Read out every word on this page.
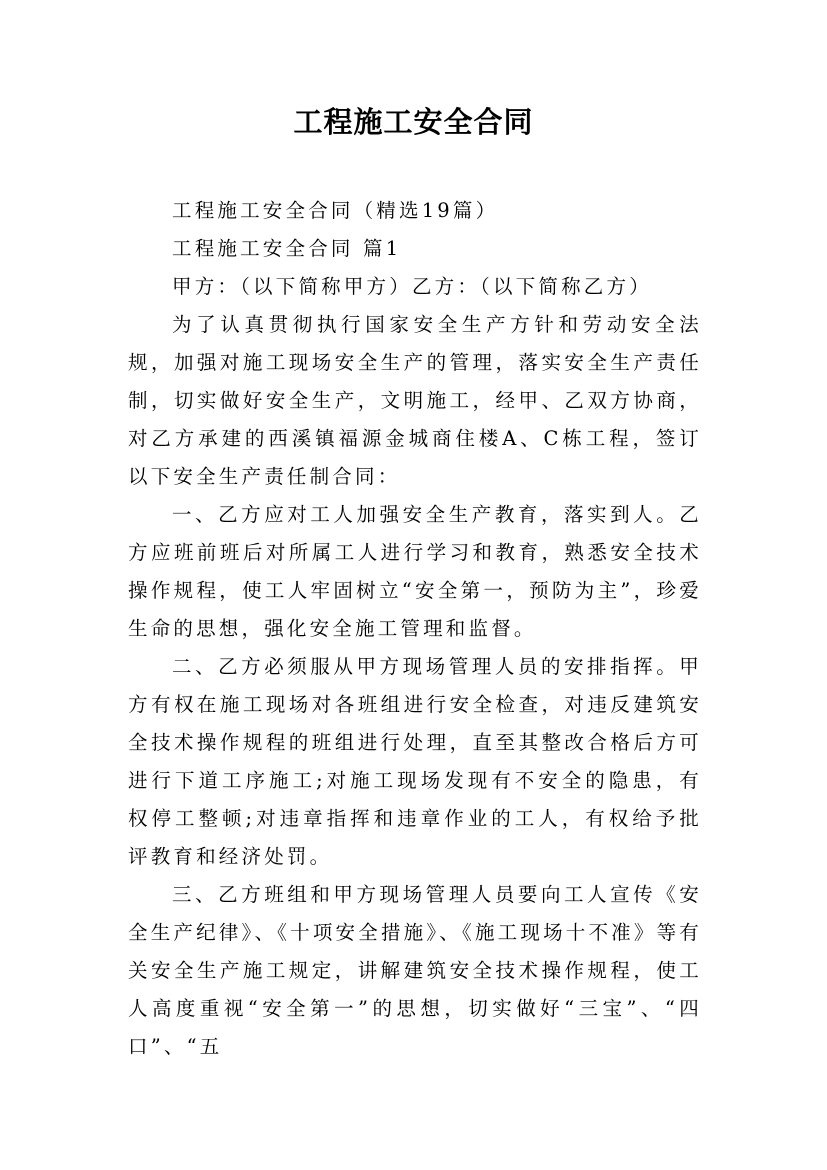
工程施工安全合同

工程施工安全合同（精选19篇）

工程施工安全合同 篇1

甲方：（以下简称甲方）乙方：（以下简称乙方）

为了认真贯彻执行国家安全生产方针和劳动安全法规，加强对施工现场安全生产的管理，落实安全生产责任制，切实做好安全生产，文明施工，经甲、乙双方协商，对乙方承建的西溪镇福源金城商住楼A、C栋工程，签订以下安全生产责任制合同：

一、乙方应对工人加强安全生产教育，落实到人。乙方应班前班后对所属工人进行学习和教育，熟悉安全技术操作规程，使工人牢固树立“安全第一，预防为主”，珍爱生命的思想，强化安全施工管理和监督。

二、乙方必须服从甲方现场管理人员的安排指挥。甲方有权在施工现场对各班组进行安全检查，对违反建筑安全技术操作规程的班组进行处理，直至其整改合格后方可进行下道工序施工;对施工现场发现有不安全的隐患，有权停工整顿;对违章指挥和违章作业的工人，有权给予批评教育和经济处罚。

三、乙方班组和甲方现场管理人员要向工人宣传《安全生产纪律》、《十项安全措施》、《施工现场十不准》等有关安全生产施工规定，讲解建筑安全技术操作规程，使工人高度重视“安全第一”的思想，切实做好“三宝”、“四口”、“五
